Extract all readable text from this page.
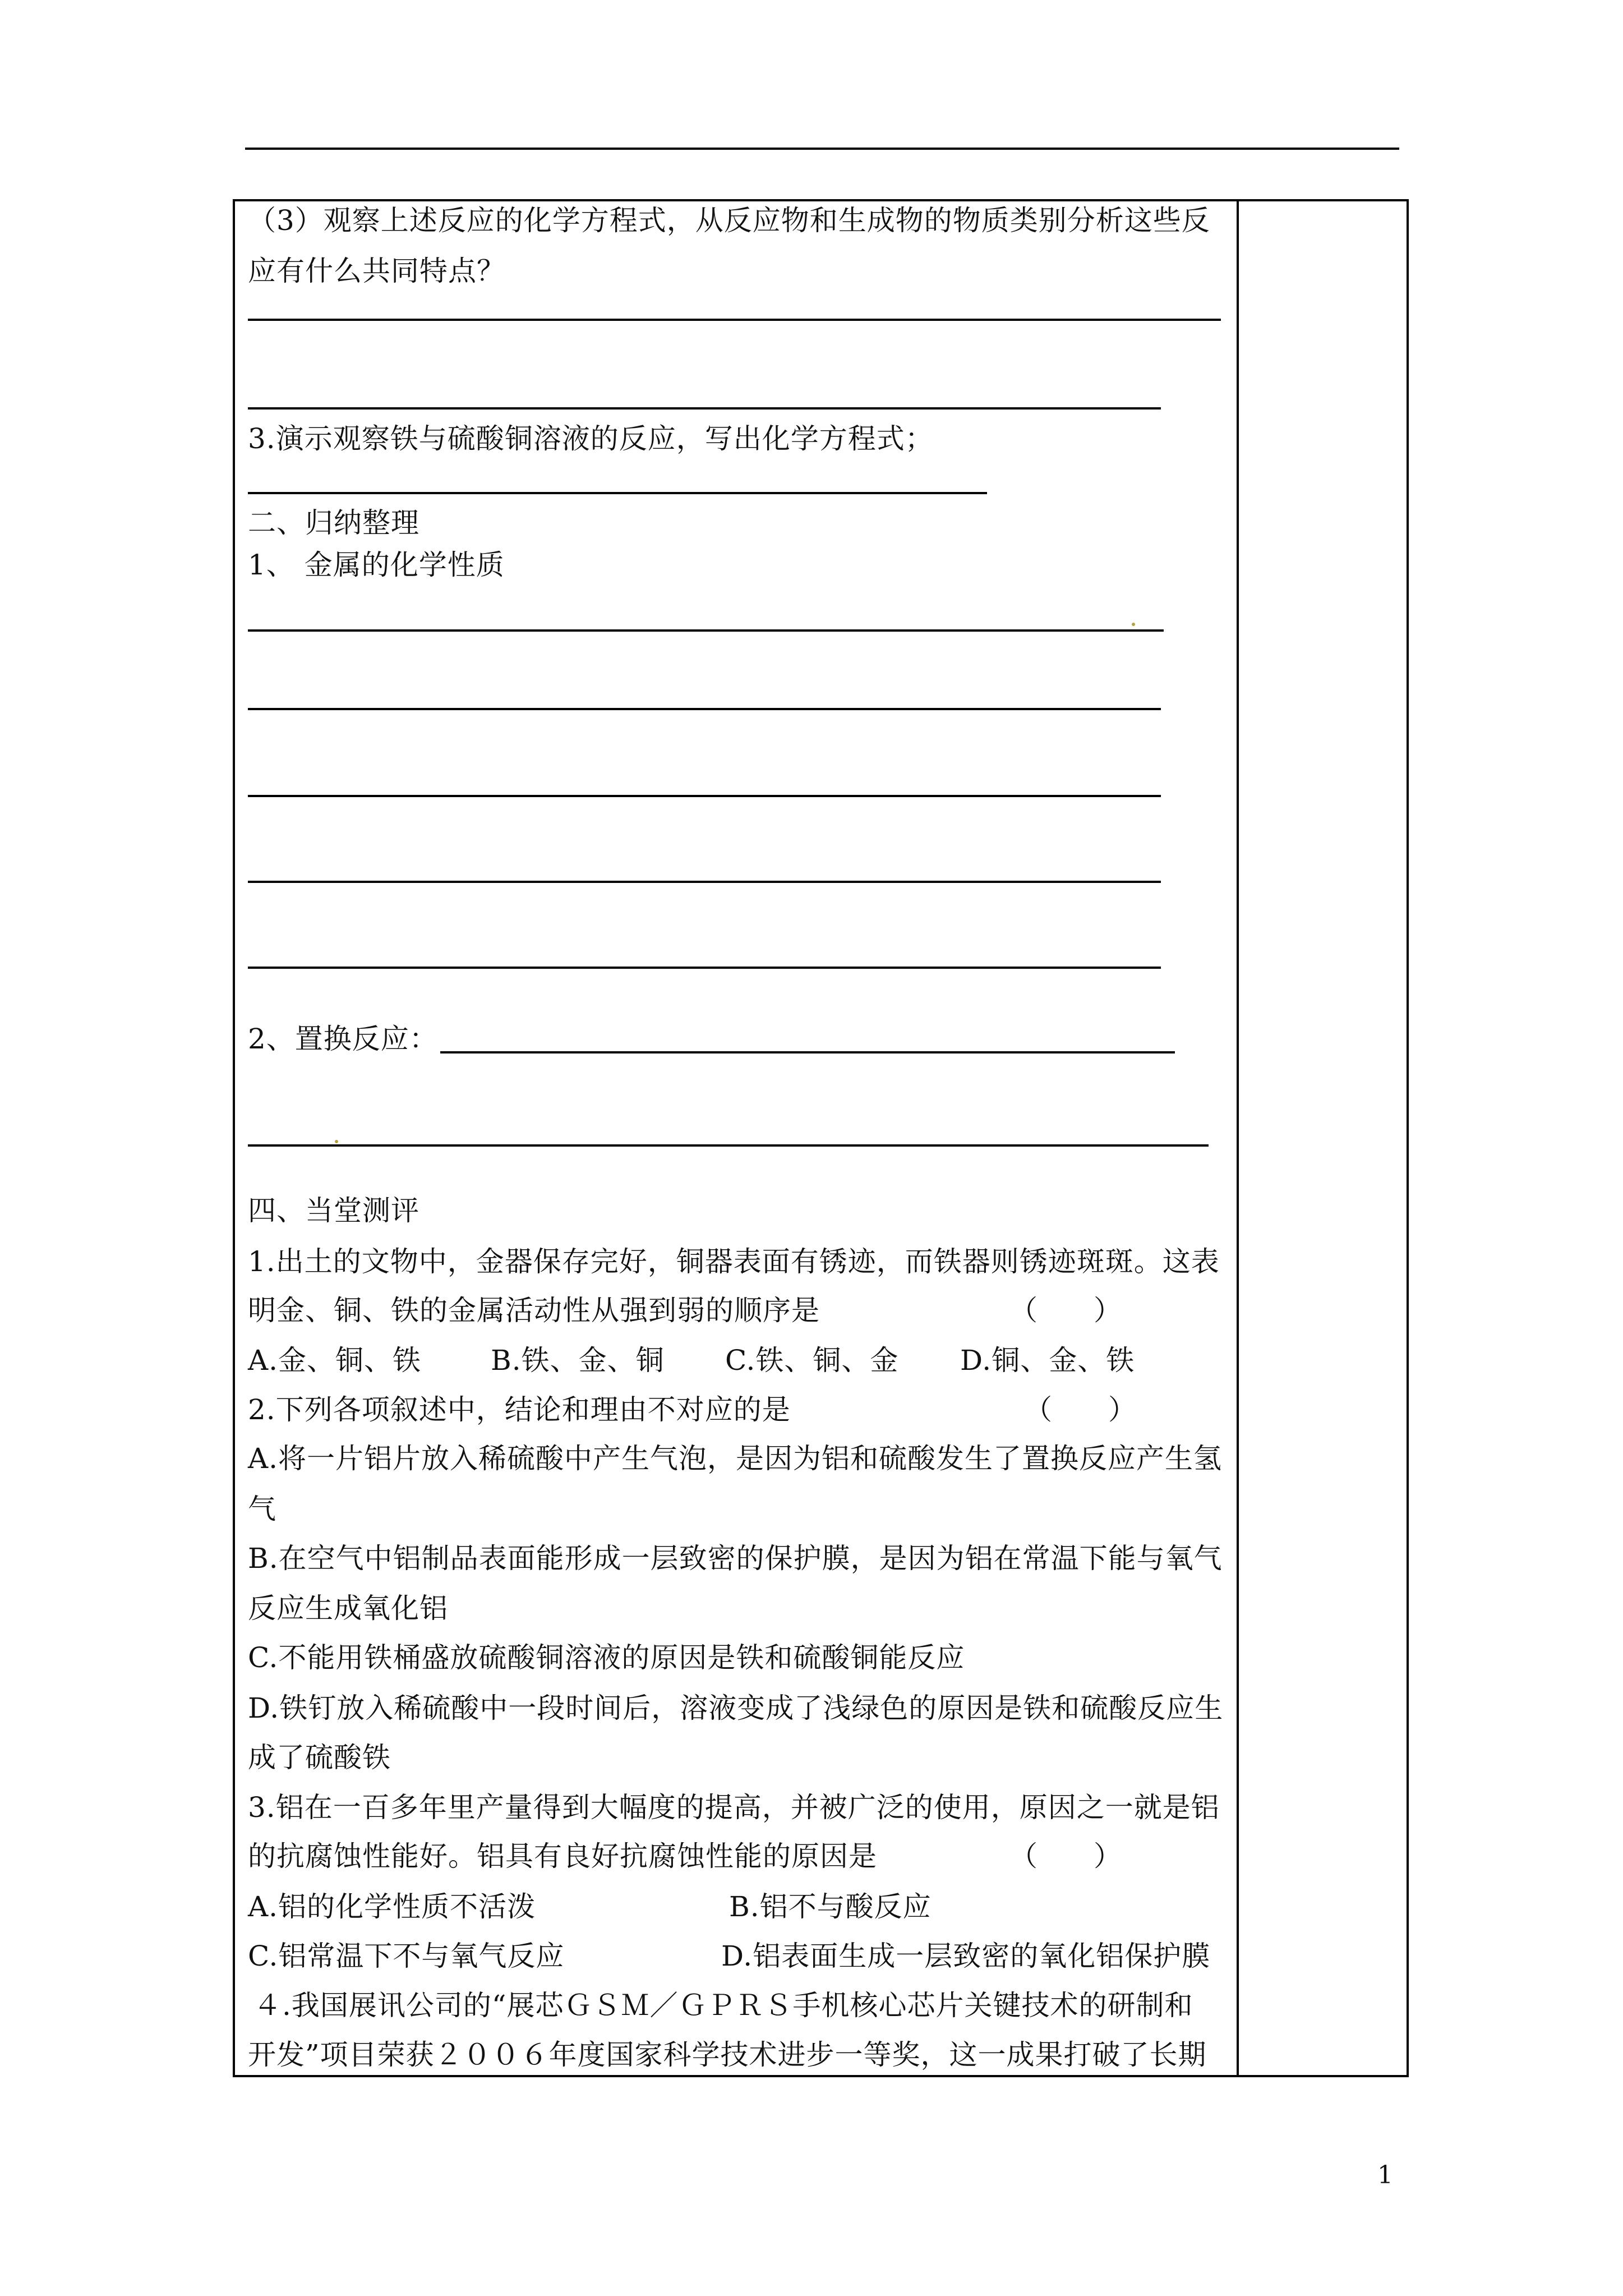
（3）观察上述反应的化学方程式，从反应物和生成物的物质类别分析这些反
应有什么共同特点？
3.演示观察铁与硫酸铜溶液的反应，写出化学方程式；
二、归纳整理
1、 金属的化学性质
2、置换反应：
四、当堂测评
1.出土的文物中，金器保存完好，铜器表面有锈迹，而铁器则锈迹斑斑。这表
明金、铜、铁的金属活动性从强到弱的顺序是	（　　）
A.金、铜、铁 B.铁、金、铜 C.铁、铜、金 D.铜、金、铁
2.下列各项叙述中，结论和理由不对应的是	（　　）
A.将一片铝片放入稀硫酸中产生气泡，是因为铝和硫酸发生了置换反应产生氢
气
B.在空气中铝制品表面能形成一层致密的保护膜，是因为铝在常温下能与氧气
反应生成氧化铝
C.不能用铁桶盛放硫酸铜溶液的原因是铁和硫酸铜能反应
D.铁钉放入稀硫酸中一段时间后，溶液变成了浅绿色的原因是铁和硫酸反应生
成了硫酸铁
3.铝在一百多年里产量得到大幅度的提高，并被广泛的使用，原因之一就是铝
的抗腐蚀性能好。铝具有良好抗腐蚀性能的原因是	（　　）
A.铝的化学性质不活泼	B.铝不与酸反应
C.铝常温下不与氧气反应	D.铝表面生成一层致密的氧化铝保护膜
４.我国展讯公司的“展芯ＧＳＭ／ＧＰＲＳ手机核心芯片关键技术的研制和
开发”项目荣获２００６年度国家科学技术进步一等奖，这一成果打破了长期
1
